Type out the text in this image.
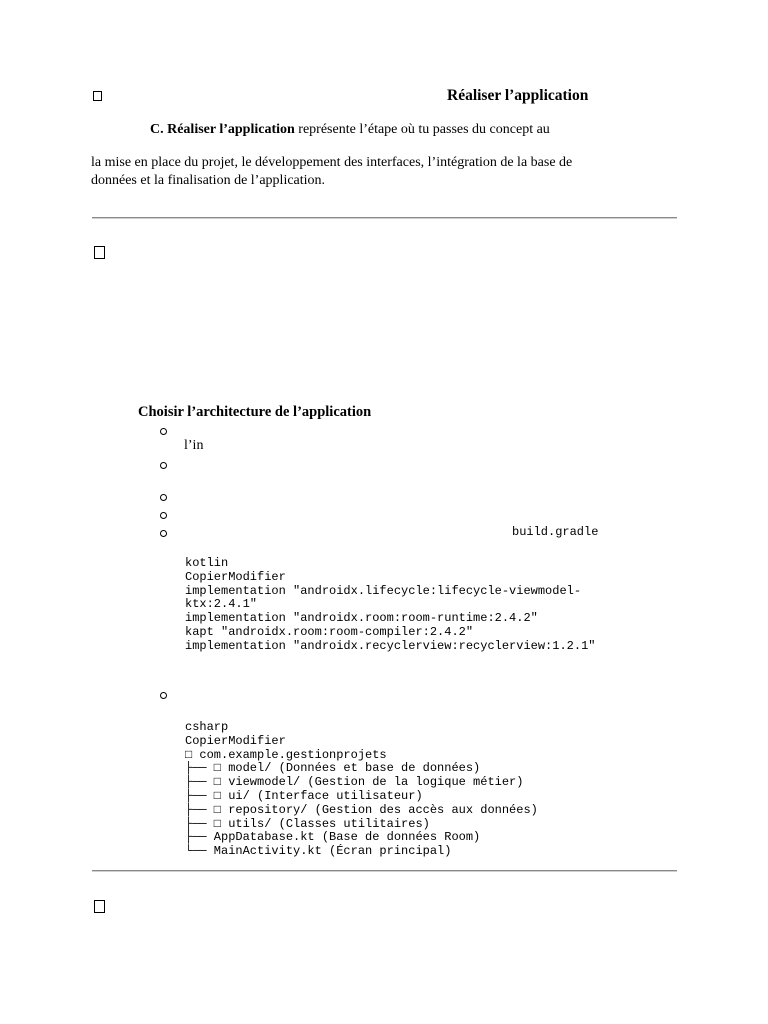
Réaliser l’application
C. Réaliser l’application représente l’étape où tu passes du concept au
la mise en place du projet, le développement des interfaces, l’intégration de la base de
données et la finalisation de l’application.
Choisir l’architecture de l’application
l’in
build.gradle
kotlin
CopierModifier
implementation "androidx.lifecycle:lifecycle-viewmodel-
ktx:2.4.1"
implementation "androidx.room:room-runtime:2.4.2"
kapt "androidx.room:room-compiler:2.4.2"
implementation "androidx.recyclerview:recyclerview:1.2.1"
csharp
CopierModifier
□ com.example.gestionprojets
├── □ model/ (Données et base de données)
├── □ viewmodel/ (Gestion de la logique métier)
├── □ ui/ (Interface utilisateur)
├── □ repository/ (Gestion des accès aux données)
├── □ utils/ (Classes utilitaires)
├── AppDatabase.kt (Base de données Room)
└── MainActivity.kt (Écran principal)
